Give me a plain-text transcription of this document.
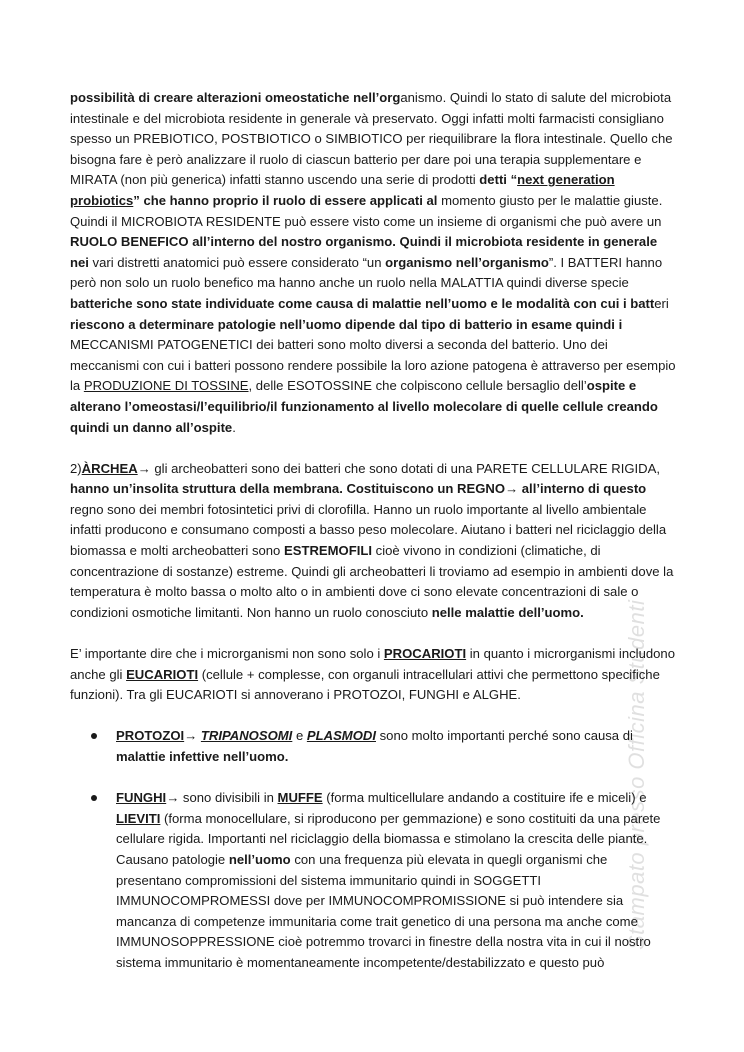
Stampato presso Officina Studenti

possibilità di creare alterazioni omeostatiche nell’organismo. Quindi lo stato di salute del microbiota intestinale e del microbiota residente in generale và preservato. Oggi infatti molti farmacisti consigliano spesso un PREBIOTICO, POSTBIOTICO o SIMBIOTICO per riequilibrare la flora intestinale. Quello che bisogna fare è però analizzare il ruolo di ciascun batterio per dare poi una terapia supplementare e MIRATA (non più generica) infatti stanno uscendo una serie di prodotti detti “next generation probiotics” che hanno proprio il ruolo di essere applicati al momento giusto per le malattie giuste.

Quindi il MICROBIOTA RESIDENTE può essere visto come un insieme di organismi che può avere un RUOLO BENEFICO all’interno del nostro organismo. Quindi il microbiota residente in generale nei vari distretti anatomici può essere considerato “un organismo nell’organismo”. I BATTERI hanno però non solo un ruolo benefico ma hanno anche un ruolo nella MALATTIA quindi diverse specie batteriche sono state individuate come causa di malattie nell’uomo e le modalità con cui i batteri riescono a determinare patologie nell’uomo dipende dal tipo di batterio in esame quindi i MECCANISMI PATOGENETICI dei batteri sono molto diversi a seconda del batterio. Uno dei meccanismi con cui i batteri possono rendere possibile la loro azione patogena è attraverso per esempio la PRODUZIONE DI TOSSINE, delle ESOTOSSINE che colpiscono cellule bersaglio dell’ospite e alterano l’omeostasi/l’equilibrio/il funzionamento al livello molecolare di quelle cellule creando quindi un danno all’ospite.

2)ÀRCHEA→ gli archeobatteri sono dei batteri che sono dotati di una PARETE CELLULARE RIGIDA, hanno un’insolita struttura della membrana. Costituiscono un REGNO→ all’interno di questo regno sono dei membri fotosintetici privi di clorofilla. Hanno un ruolo importante al livello ambientale infatti producono e consumano composti a basso peso molecolare. Aiutano i batteri nel riciclaggio della biomassa e molti archeobatteri sono ESTREMOFILI cioè vivono in condizioni (climatiche, di concentrazione di sostanze) estreme. Quindi gli archeobatteri li troviamo ad esempio in ambienti dove la temperatura è molto bassa o molto alto o in ambienti dove ci sono elevate concentrazioni di sale o condizioni osmotiche limitanti. Non hanno un ruolo conosciuto nelle malattie dell’uomo.

E’ importante dire che i microrganismi non sono solo i PROCARIOTI in quanto i microrganismi includono anche gli EUCARIOTI (cellule + complesse, con organuli intracellulari attivi che permettono specifiche funzioni). Tra gli EUCARIOTI si annoverano i PROTOZOI, FUNGHI e ALGHE.

PROTOZOI→ TRIPANOSOMI e PLASMODI sono molto importanti perché sono causa di malattie infettive nell’uomo.
FUNGHI→ sono divisibili in MUFFE (forma multicellulare andando a costituire ife e miceli) e LIEVITI (forma monocellulare, si riproducono per gemmazione) e sono costituiti da una parete cellulare rigida. Importanti nel riciclaggio della biomassa e stimolano la crescita delle piante. Causano patologie nell’uomo con una frequenza più elevata in quegli organismi che presentano compromissioni del sistema immunitario quindi in SOGGETTI IMMUNOCOMPROMESSI dove per IMMUNOCOMPROMISSIONE si può intendere sia mancanza di competenze immunitaria come trait genetico di una persona ma anche come IMMUNOSOPPRESSIONE cioè potremmo trovarci in finestre della nostra vita in cui il nostro sistema immunitario è momentaneamente incompetente/destabilizzato e questo può
